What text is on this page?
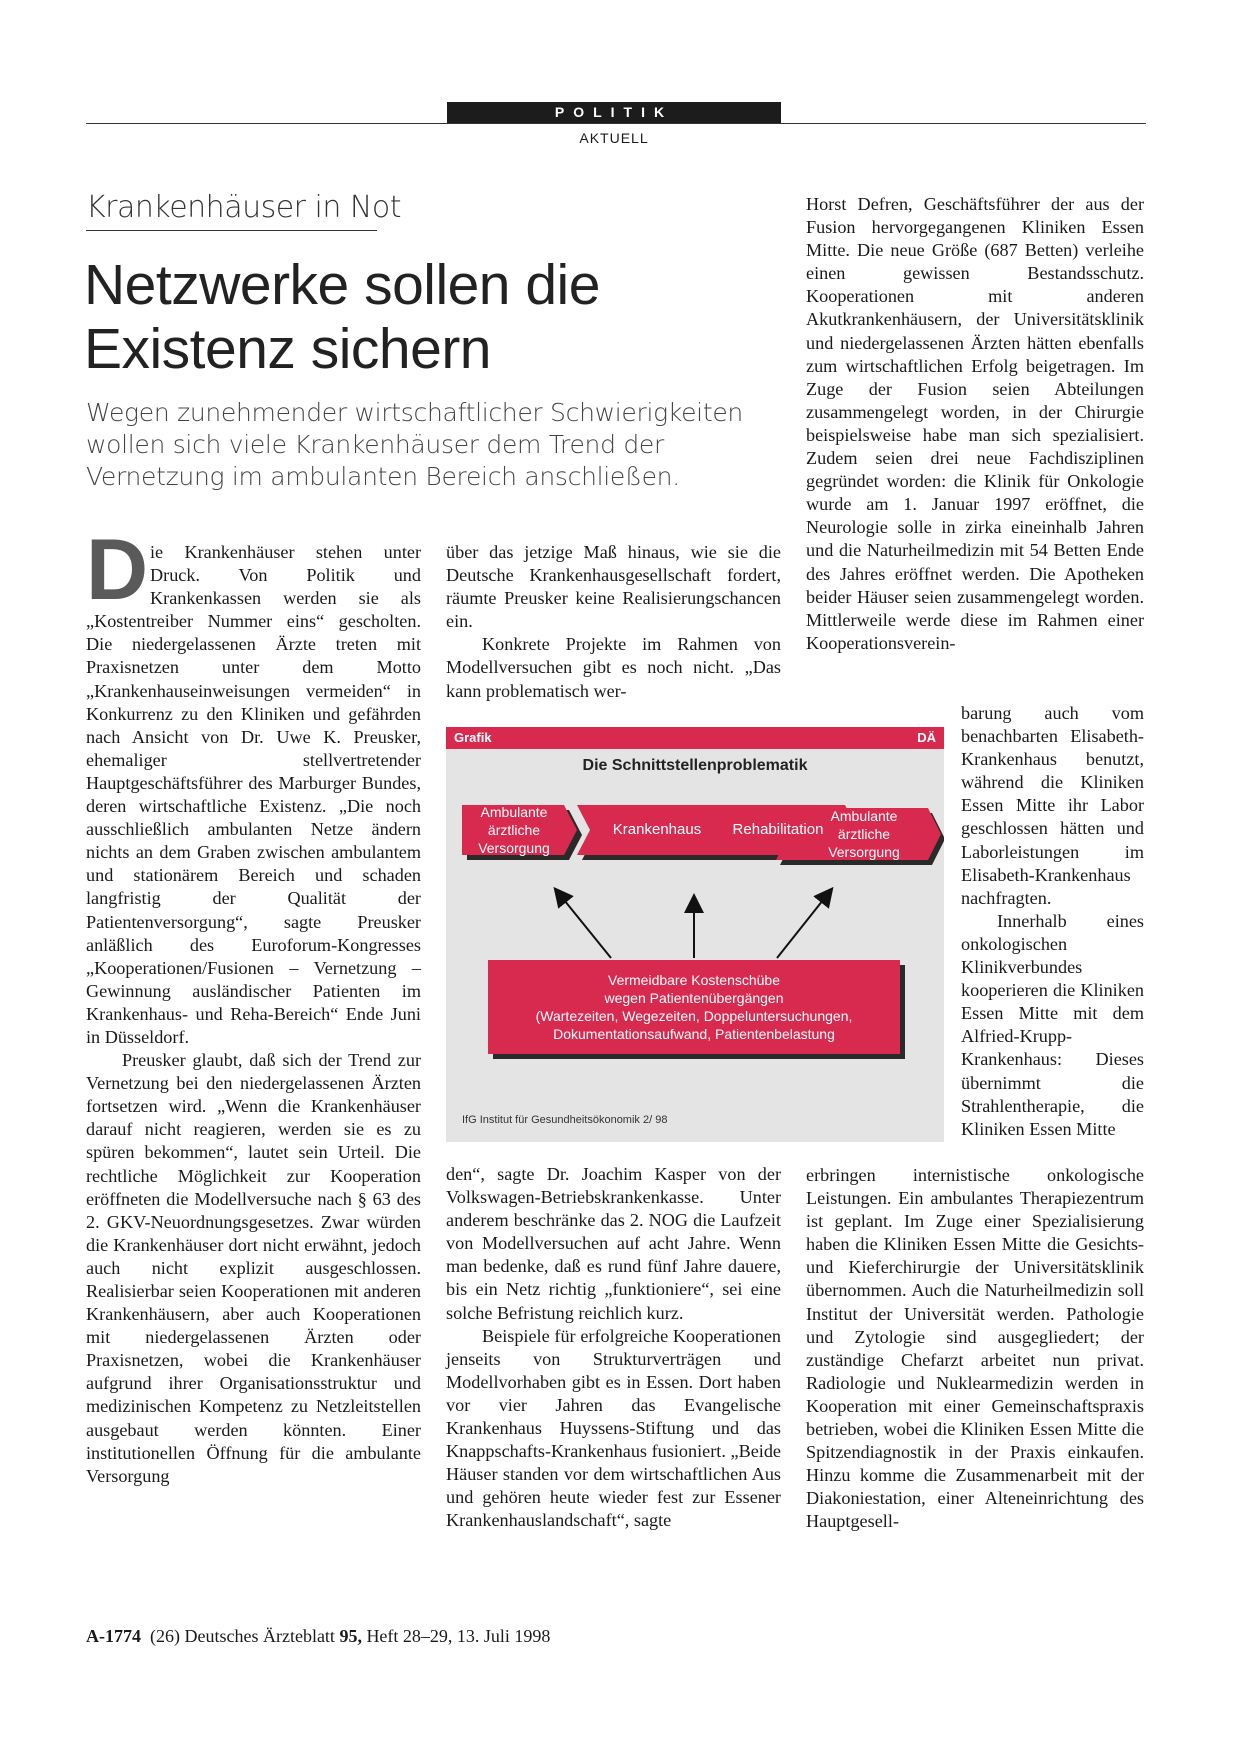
POLITIK
AKTUELL
Krankenhäuser in Not
Netzwerke sollen die
Existenz sichern
Wegen zunehmender wirtschaftlicher Schwierigkeiten wollen sich viele Krankenhäuser dem Trend der Vernetzung im ambulanten Bereich anschließen.

Die Krankenhäuser stehen unter Druck. Von Politik und Krankenkassen werden sie als „Kostentreiber Nummer eins“ gescholten. Die niedergelassenen Ärzte treten mit Praxisnetzen unter dem Motto „Krankenhauseinweisungen vermeiden“ in Konkurrenz zu den Kliniken und gefährden nach Ansicht von Dr. Uwe K. Preusker, ehemaliger stellvertretender Hauptgeschäftsführer des Marburger Bundes, deren wirtschaftliche Existenz. „Die noch ausschließlich ambulanten Netze ändern nichts an dem Graben zwischen ambulantem und stationärem Bereich und schaden langfristig der Qualität der Patientenversorgung“, sagte Preusker anläßlich des Euroforum-Kongresses „Kooperationen/Fusionen – Vernetzung – Gewinnung ausländischer Patienten im Krankenhaus- und Reha-Bereich“ Ende Juni in Düsseldorf.

Preusker glaubt, daß sich der Trend zur Vernetzung bei den niedergelassenen Ärzten fortsetzen wird. „Wenn die Krankenhäuser darauf nicht reagieren, werden sie es zu spüren bekommen“, lautet sein Urteil. Die rechtliche Möglichkeit zur Kooperation eröffneten die Modellversuche nach § 63 des 2. GKV-Neuordnungsgesetzes. Zwar würden die Krankenhäuser dort nicht erwähnt, jedoch auch nicht explizit ausgeschlossen. Realisierbar seien Kooperationen mit anderen Krankenhäusern, aber auch Kooperationen mit niedergelassenen Ärzten oder Praxisnetzen, wobei die Krankenhäuser aufgrund ihrer Organisationsstruktur und medizinischen Kompetenz zu Netzleitstellen ausgebaut werden könnten. Einer institutionellen Öffnung für die ambulante Versorgung

über das jetzige Maß hinaus, wie sie die Deutsche Krankenhausgesellschaft fordert, räumte Preusker keine Realisierungschancen ein.

Konkrete Projekte im Rahmen von Modellversuchen gibt es noch nicht. „Das kann problematisch wer-

Grafik	DÄ
Die Schnittstellenproblematik
Ambulante ärztliche Versorgung
Krankenhaus Rehabilitation
Ambulante ärztliche Versorgung
Vermeidbare Kostenschübe
wegen Patientenübergängen
(Wartezeiten, Wegezeiten, Doppeluntersuchungen,
Dokumentationsaufwand, Patientenbelastung
IfG Institut für Gesundheitsökonomik 2/ 98

den“, sagte Dr. Joachim Kasper von der Volkswagen-Betriebskrankenkasse. Unter anderem beschränke das 2. NOG die Laufzeit von Modellversuchen auf acht Jahre. Wenn man bedenke, daß es rund fünf Jahre dauere, bis ein Netz richtig „funktioniere“, sei eine solche Befristung reichlich kurz.

Beispiele für erfolgreiche Kooperationen jenseits von Strukturverträgen und Modellvorhaben gibt es in Essen. Dort haben vor vier Jahren das Evangelische Krankenhaus Huyssens-Stiftung und das Knappschafts-Krankenhaus fusioniert. „Beide Häuser standen vor dem wirtschaftlichen Aus und gehören heute wieder fest zur Essener Krankenhauslandschaft“, sagte

Horst Defren, Geschäftsführer der aus der Fusion hervorgegangenen Kliniken Essen Mitte. Die neue Größe (687 Betten) verleihe einen gewissen Bestandsschutz. Kooperationen mit anderen Akutkrankenhäusern, der Universitätsklinik und niedergelassenen Ärzten hätten ebenfalls zum wirtschaftlichen Erfolg beigetragen. Im Zuge der Fusion seien Abteilungen zusammengelegt worden, in der Chirurgie beispielsweise habe man sich spezialisiert. Zudem seien drei neue Fachdisziplinen gegründet worden: die Klinik für Onkologie wurde am 1. Januar 1997 eröffnet, die Neurologie solle in zirka eineinhalb Jahren und die Naturheilmedizin mit 54 Betten Ende des Jahres eröffnet werden. Die Apotheken beider Häuser seien zusammengelegt worden. Mittlerweile werde diese im Rahmen einer Kooperationsverein-

barung auch vom benachbarten Elisabeth-Krankenhaus benutzt, während die Kliniken Essen Mitte ihr Labor geschlossen hätten und Laborleistungen im Elisabeth-Krankenhaus nachfragten.

Innerhalb eines onkologischen Klinikverbundes kooperieren die Kliniken Essen Mitte mit dem Alfried-Krupp-Krankenhaus: Dieses übernimmt die Strahlentherapie, die Kliniken Essen Mitte

erbringen internistische onkologische Leistungen. Ein ambulantes Therapiezentrum ist geplant. Im Zuge einer Spezialisierung haben die Kliniken Essen Mitte die Gesichts- und Kieferchirurgie der Universitätsklinik übernommen. Auch die Naturheilmedizin soll Institut der Universität werden. Pathologie und Zytologie sind ausgegliedert; der zuständige Chefarzt arbeitet nun privat. Radiologie und Nuklearmedizin werden in Kooperation mit einer Gemeinschaftspraxis betrieben, wobei die Kliniken Essen Mitte die Spitzendiagnostik in der Praxis einkaufen. Hinzu komme die Zusammenarbeit mit der Diakoniestation, einer Alteneinrichtung des Hauptgesell-

A-1774 (26) Deutsches Ärzteblatt 95, Heft 28–29, 13. Juli 1998
